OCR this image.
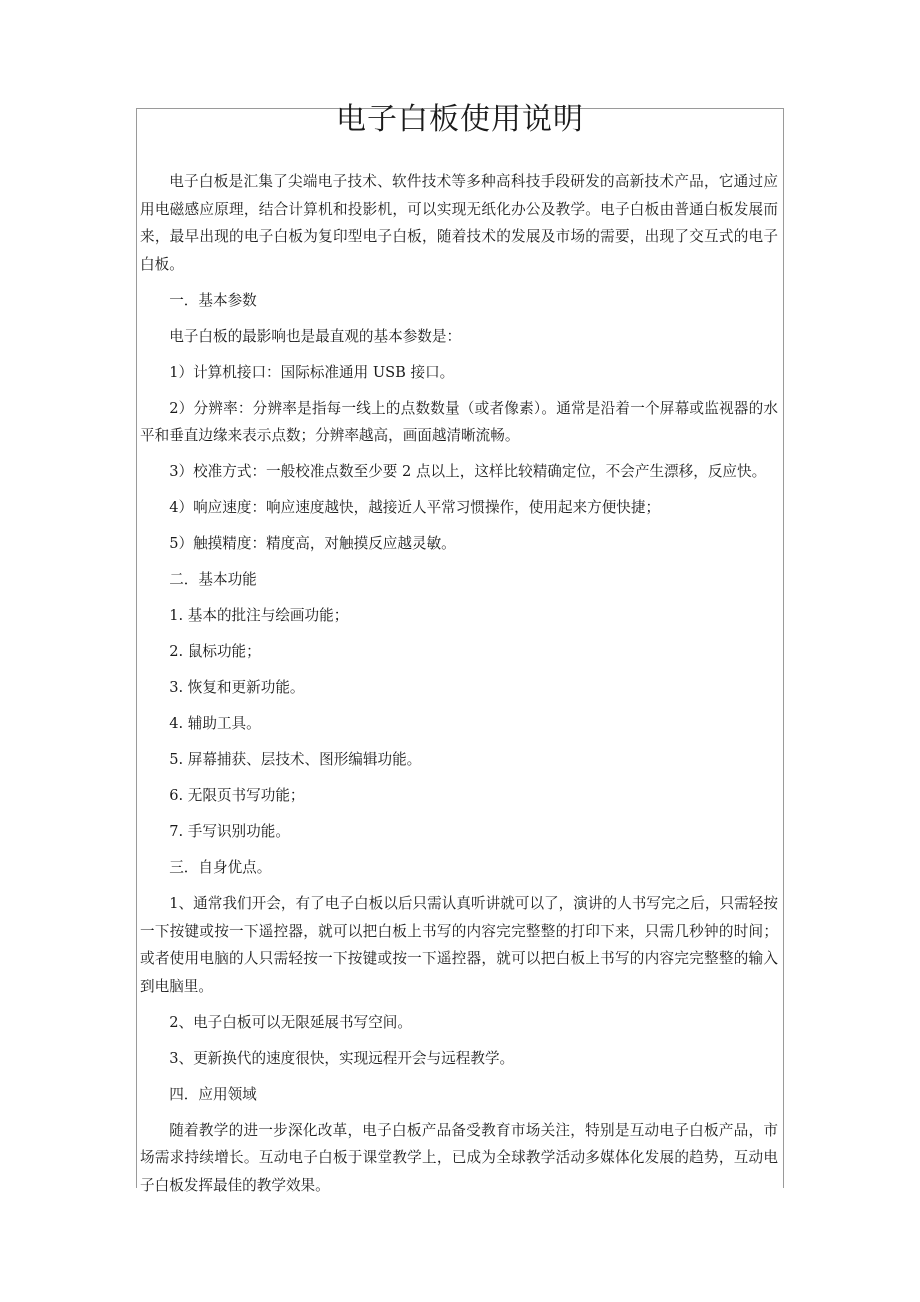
电子白板使用说明

电子白板是汇集了尖端电子技术、软件技术等多种高科技手段研发的高新技术产品，它通过应用电磁感应原理，结合计算机和投影机，可以实现无纸化办公及教学。电子白板由普通白板发展而来，最早出现的电子白板为复印型电子白板，随着技术的发展及市场的需要，出现了交互式的电子白板。

一．基本参数

电子白板的最影响也是最直观的基本参数是：

1）计算机接口：国际标准通用 USB 接口。

2）分辨率：分辨率是指每一线上的点数数量（或者像素）。通常是沿着一个屏幕或监视器的水平和垂直边缘来表示点数；分辨率越高，画面越清晰流畅。

3）校准方式：一般校准点数至少要 2 点以上，这样比较精确定位，不会产生漂移，反应快。

4）响应速度：响应速度越快，越接近人平常习惯操作，使用起来方便快捷；

5）触摸精度：精度高，对触摸反应越灵敏。

二．基本功能

1. 基本的批注与绘画功能；

2. 鼠标功能；

3. 恢复和更新功能。

4. 辅助工具。

5. 屏幕捕获、层技术、图形编辑功能。

6. 无限页书写功能；

7. 手写识别功能。

三．自身优点。

1、通常我们开会，有了电子白板以后只需认真听讲就可以了，演讲的人书写完之后，只需轻按一下按键或按一下遥控器，就可以把白板上书写的内容完完整整的打印下来，只需几秒钟的时间；或者使用电脑的人只需轻按一下按键或按一下遥控器，就可以把白板上书写的内容完完整整的输入到电脑里。

2、电子白板可以无限延展书写空间。

3、更新换代的速度很快，实现远程开会与远程教学。

四．应用领域

随着教学的进一步深化改革，电子白板产品备受教育市场关注，特别是互动电子白板产品，市场需求持续增长。互动电子白板于课堂教学上，已成为全球教学活动多媒体化发展的趋势，互动电子白板发挥最佳的教学效果。
